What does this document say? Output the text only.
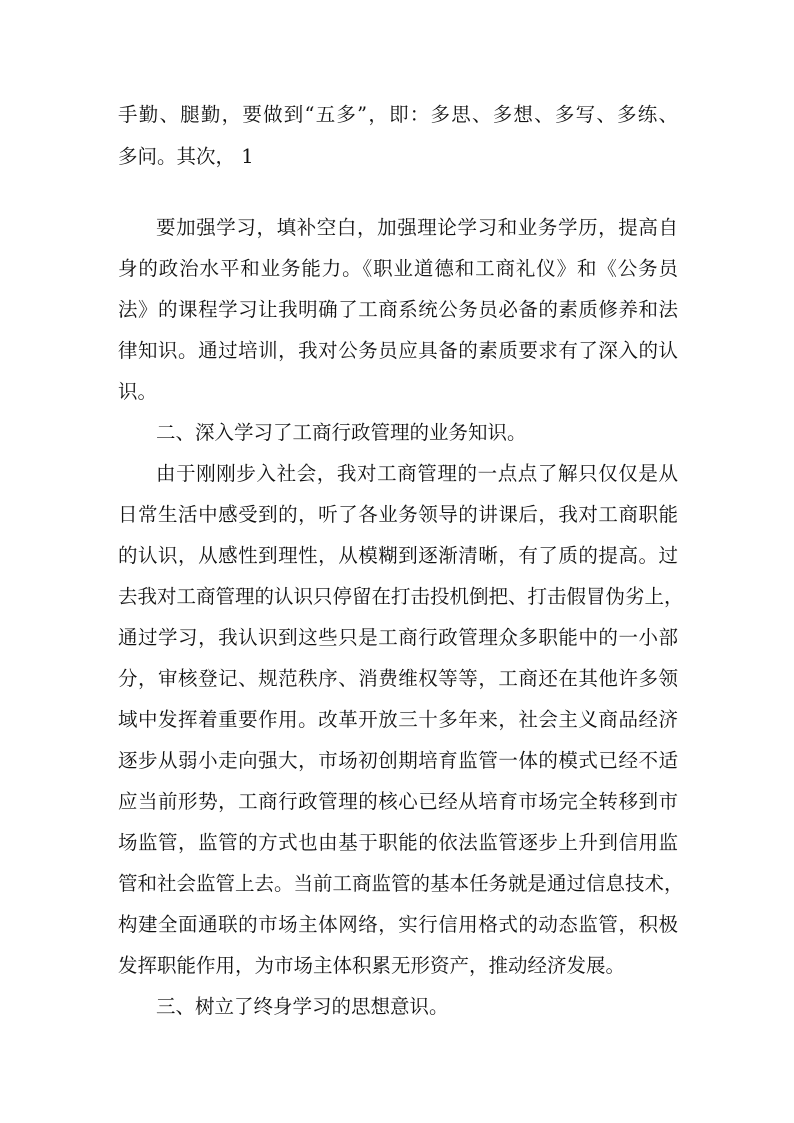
手勤、腿勤，要做到“五多”，即：多思、多想、多写、多练、
多问。其次， 1
要加强学习，填补空白，加强理论学习和业务学历，提高自
身的政治水平和业务能力。《职业道德和工商礼仪》和《公务员
法》的课程学习让我明确了工商系统公务员必备的素质修养和法
律知识。通过培训，我对公务员应具备的素质要求有了深入的认
识。
二、深入学习了工商行政管理的业务知识。
由于刚刚步入社会，我对工商管理的一点点了解只仅仅是从
日常生活中感受到的，听了各业务领导的讲课后，我对工商职能
的认识，从感性到理性，从模糊到逐渐清晰，有了质的提高。过
去我对工商管理的认识只停留在打击投机倒把、打击假冒伪劣上，
通过学习，我认识到这些只是工商行政管理众多职能中的一小部
分，审核登记、规范秩序、消费维权等等，工商还在其他许多领
域中发挥着重要作用。改革开放三十多年来，社会主义商品经济
逐步从弱小走向强大，市场初创期培育监管一体的模式已经不适
应当前形势，工商行政管理的核心已经从培育市场完全转移到市
场监管，监管的方式也由基于职能的依法监管逐步上升到信用监
管和社会监管上去。当前工商监管的基本任务就是通过信息技术，
构建全面通联的市场主体网络，实行信用格式的动态监管，积极
发挥职能作用，为市场主体积累无形资产，推动经济发展。
三、树立了终身学习的思想意识。
